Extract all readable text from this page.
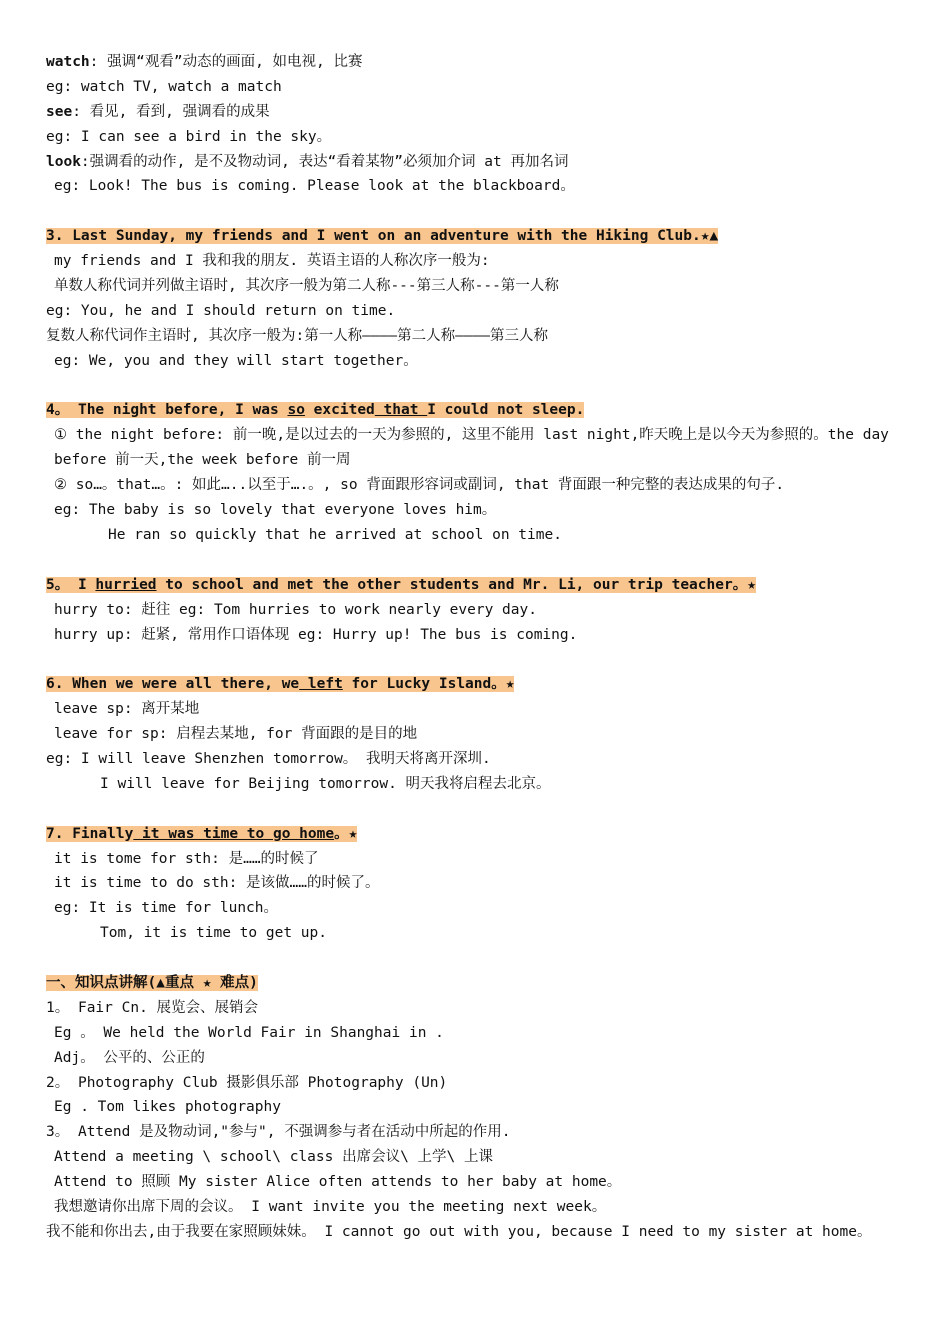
watch: 强调“观看”动态的画面, 如电视, 比赛
eg: watch TV, watch a match
see: 看见, 看到, 强调看的成果
eg: I can see a bird in the sky。
look:强调看的动作, 是不及物动词, 表达“看着某物”必须加介词 at 再加名词
eg: Look! The bus is coming. Please look at the blackboard。
3. Last Sunday, my friends and I went on an adventure with the Hiking Club.★▲
my friends and I 我和我的朋友. 英语主语的人称次序一般为:
单数人称代词并列做主语时, 其次序一般为第二人称---第三人称---第一人称
eg: You, he and I should return on time.
复数人称代词作主语时, 其次序一般为:第一人称————第二人称————第三人称
eg: We, you and they will start together。
4。 The night before, I was so excited that I could not sleep.
① the night before: 前一晚,是以过去的一天为参照的, 这里不能用 last night,昨天晚上是以今天为参照的。the day before 前一天,the week before 前一周
② so…。that…。: 如此…..以至于….。, so 背面跟形容词或副词, that 背面跟一种完整的表达成果的句子.
eg: The baby is so lovely that everyone loves him。
He ran so quickly that he arrived at school on time.
5。 I hurried to school and met the other students and Mr. Li, our trip teacher。★
hurry to: 赶往 eg: Tom hurries to work nearly every day.
hurry up: 赶紧, 常用作口语体现 eg: Hurry up! The bus is coming.
6. When we were all there, we left for Lucky Island。★
leave sp: 离开某地
leave for sp: 启程去某地, for 背面跟的是目的地
eg: I will leave Shenzhen tomorrow。 我明天将离开深圳.
I will leave for Beijing tomorrow. 明天我将启程去北京。
7. Finally it was time to go home。★
it is tome for sth: 是……的时候了
it is time to do sth: 是该做……的时候了。
eg: It is time for lunch。
Tom, it is time to get up.
一、知识点讲解(▲重点 ★ 难点)
1。 Fair Cn. 展览会、展销会
Eg 。 We held the World Fair in Shanghai in .
Adj。 公平的、公正的
2。 Photography Club 摄影俱乐部 Photography (Un)
Eg . Tom likes photography
3。 Attend 是及物动词,"参与", 不强调参与者在活动中所起的作用.
Attend a meeting \ school\ class 出席会议\ 上学\ 上课
Attend to 照顾 My sister Alice often attends to her baby at home。
我想邀请你出席下周的会议。 I want invite you the meeting next week。
我不能和你出去,由于我要在家照顾妹妹。 I cannot go out with you, because I need to my sister at home。
